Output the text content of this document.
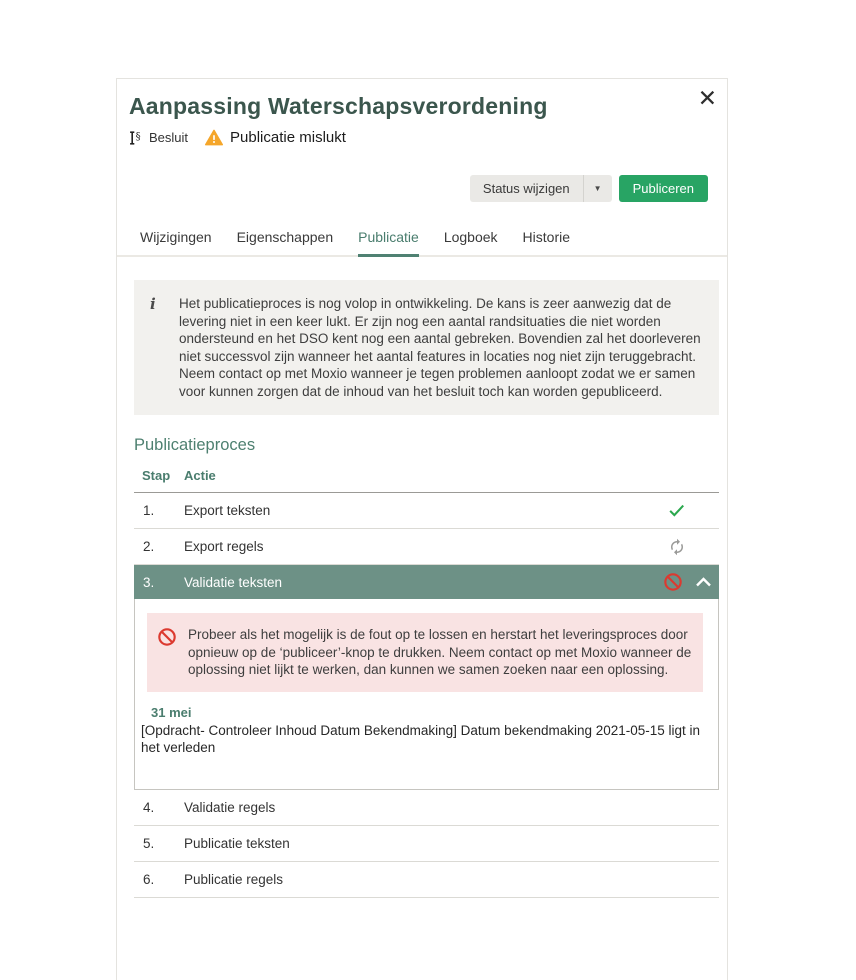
Aanpassing Waterschapsverordening	✕
§ Besluit	Publicatie mislukt
Status wijzigen	▼	Publiceren
Wijzigingen Eigenschappen Publicatie Logboek Historie
i	Het publicatieproces is nog volop in ontwikkeling. De kans is zeer aanwezig dat de levering niet in een keer lukt. Er zijn nog een aantal randsituaties die niet worden ondersteund en het DSO kent nog een aantal gebreken. Bovendien zal het doorleveren niet successvol zijn wanneer het aantal features in locaties nog niet zijn teruggebracht. Neem contact op met Moxio wanneer je tegen problemen aanloopt zodat we er samen voor kunnen zorgen dat de inhoud van het besluit toch kan worden gepubliceerd.

Publicatieproces
Stap	Actie
1.	Export teksten
2.	Export regels
3.	Validatie teksten

Probeer als het mogelijk is de fout op te lossen en herstart het leveringsproces door opnieuw op de ‘publiceer’-knop te drukken. Neem contact op met Moxio wanneer de oplossing niet lijkt te werken, dan kunnen we samen zoeken naar een oplossing.

31 mei

[Opdracht- Controleer Inhoud Datum Bekendmaking] Datum bekendmaking 2021-05-15 ligt in het verleden

4.	Validatie regels
5.	Publicatie teksten
6.	Publicatie regels
